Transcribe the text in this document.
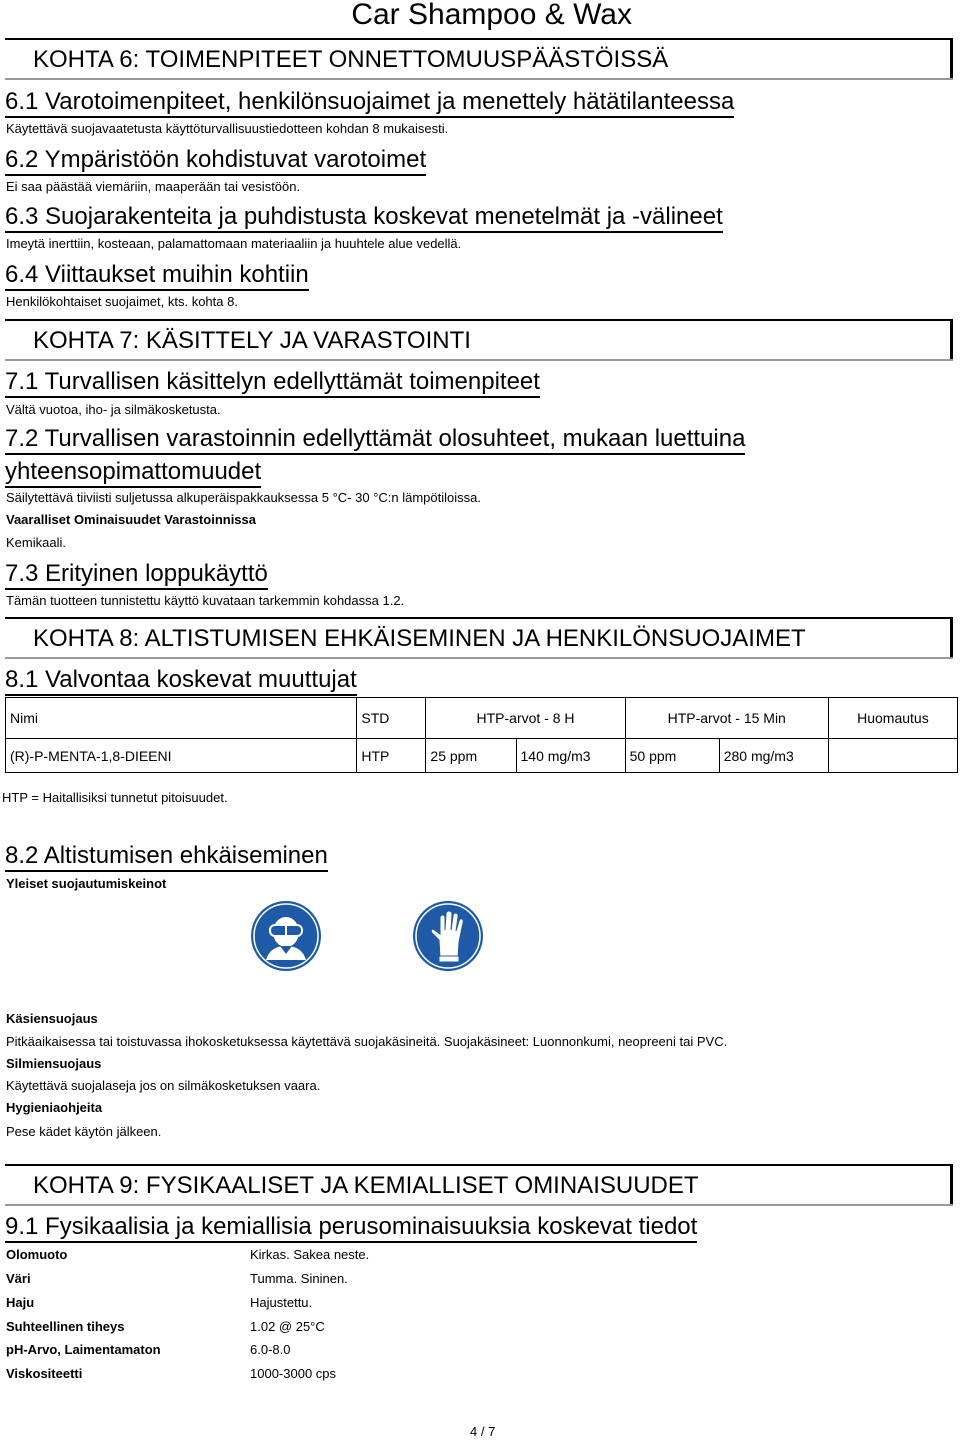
Car Shampoo & Wax
KOHTA 6: TOIMENPITEET ONNETTOMUUSPÄÄSTÖISSÄ
6.1 Varotoimenpiteet, henkilönsuojaimet ja menettely hätätilanteessa
Käytettävä suojavaatetusta käyttöturvallisuustiedotteen kohdan 8 mukaisesti.
6.2 Ympäristöön kohdistuvat varotoimet
Ei saa päästää viemäriin, maaperään tai vesistöön.
6.3 Suojarakenteita ja puhdistusta koskevat menetelmät ja -välineet
Imeytä inerttiin, kosteaan, palamattomaan materiaaliin ja huuhtele alue vedellä.
6.4 Viittaukset muihin kohtiin
Henkilökohtaiset suojaimet, kts. kohta 8.
KOHTA 7: KÄSITTELY JA VARASTOINTI
7.1 Turvallisen käsittelyn edellyttämät toimenpiteet
Vältä vuotoa, iho- ja silmäkosketusta.
7.2 Turvallisen varastoinnin edellyttämät olosuhteet, mukaan luettuina
yhteensopimattomuudet
Säilytettävä tiiviisti suljetussa alkuperäispakkauksessa 5 °C- 30 °C:n lämpötiloissa.
Vaaralliset Ominaisuudet Varastoinnissa
Kemikaali.
7.3 Erityinen loppukäyttö
Tämän tuotteen tunnistettu käyttö kuvataan tarkemmin kohdassa 1.2.
KOHTA 8: ALTISTUMISEN EHKÄISEMINEN JA HENKILÖNSUOJAIMET
8.1 Valvontaa koskevat muuttujat
Nimi	STD	HTP-arvot - 8 H		HTP-arvot - 15 Min		Huomautus
(R)-P-MENTA-1,8-DIEENI	HTP	25 ppm	140 mg/m3	50 ppm	280 mg/m3	
HTP = Haitallisiksi tunnetut pitoisuudet.
8.2 Altistumisen ehkäiseminen
Yleiset suojautumiskeinot
Käsiensuojaus
Pitkäaikaisessa tai toistuvassa ihokosketuksessa käytettävä suojakäsineitä. Suojakäsineet: Luonnonkumi, neopreeni tai PVC.
Silmiensuojaus
Käytettävä suojalaseja jos on silmäkosketuksen vaara.
Hygieniaohjeita
Pese kädet käytön jälkeen.
KOHTA 9: FYSIKAALISET JA KEMIALLISET OMINAISUUDET
9.1 Fysikaalisia ja kemiallisia perusominaisuuksia koskevat tiedot
Olomuoto	Kirkas. Sakea neste.
Väri	Tumma. Sininen.
Haju	Hajustettu.
Suhteellinen tiheys	1.02 @ 25°C
pH-Arvo, Laimentamaton	6.0-8.0
Viskositeetti	1000-3000 cps
4 / 7
